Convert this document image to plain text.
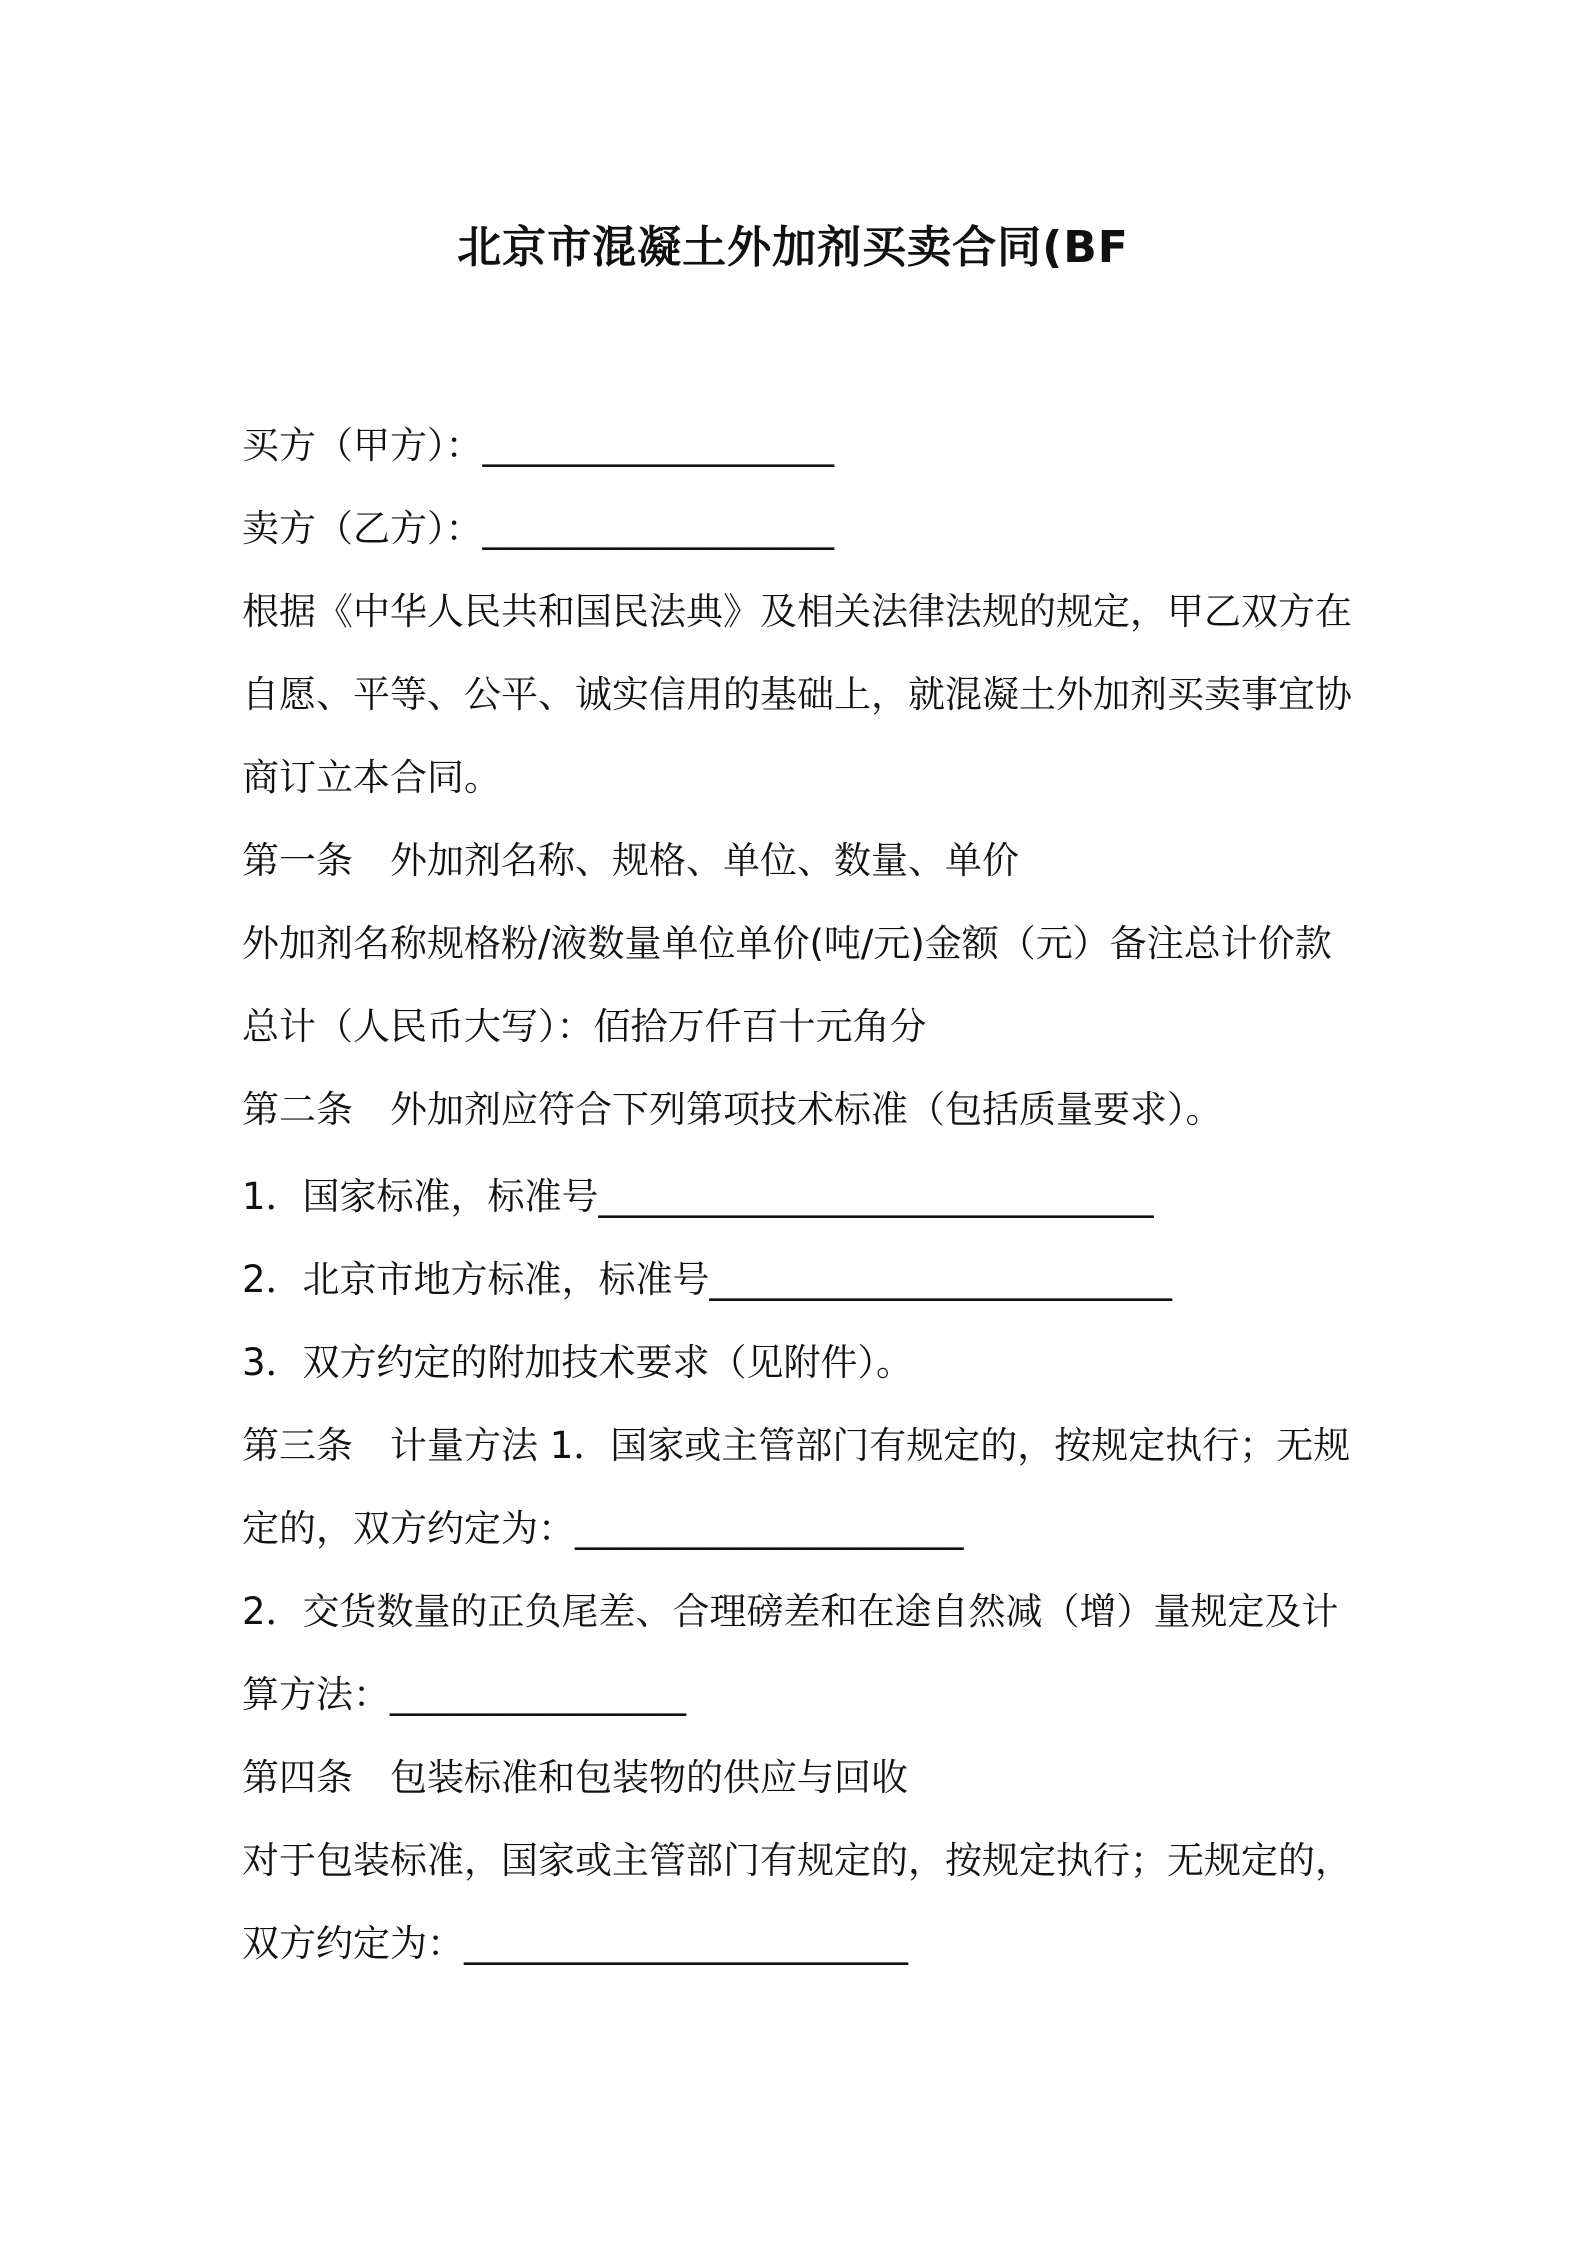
北京市混凝土外加剂买卖合同(BF
买方（甲方）：___________________
卖方（乙方）：___________________
根据《中华人民共和国民法典》及相关法律法规的规定，甲乙双方在
自愿、平等、公平、诚实信用的基础上，就混凝土外加剂买卖事宜协
商订立本合同。
第一条　外加剂名称、规格、单位、数量、单价
外加剂名称规格粉/液数量单位单价(吨/元)金额（元）备注总计价款
总计（人民币大写）：佰拾万仟百十元角分
第二条　外加剂应符合下列第项技术标准（包括质量要求）。
1．国家标准，标准号______________________________
2．北京市地方标准，标准号_________________________
3．双方约定的附加技术要求（见附件）。
第三条　计量方法 1．国家或主管部门有规定的，按规定执行；无规
定的，双方约定为：_____________________
2．交货数量的正负尾差、合理磅差和在途自然减（增）量规定及计
算方法：________________
第四条　包装标准和包装物的供应与回收
对于包装标准，国家或主管部门有规定的，按规定执行；无规定的，
双方约定为：________________________
